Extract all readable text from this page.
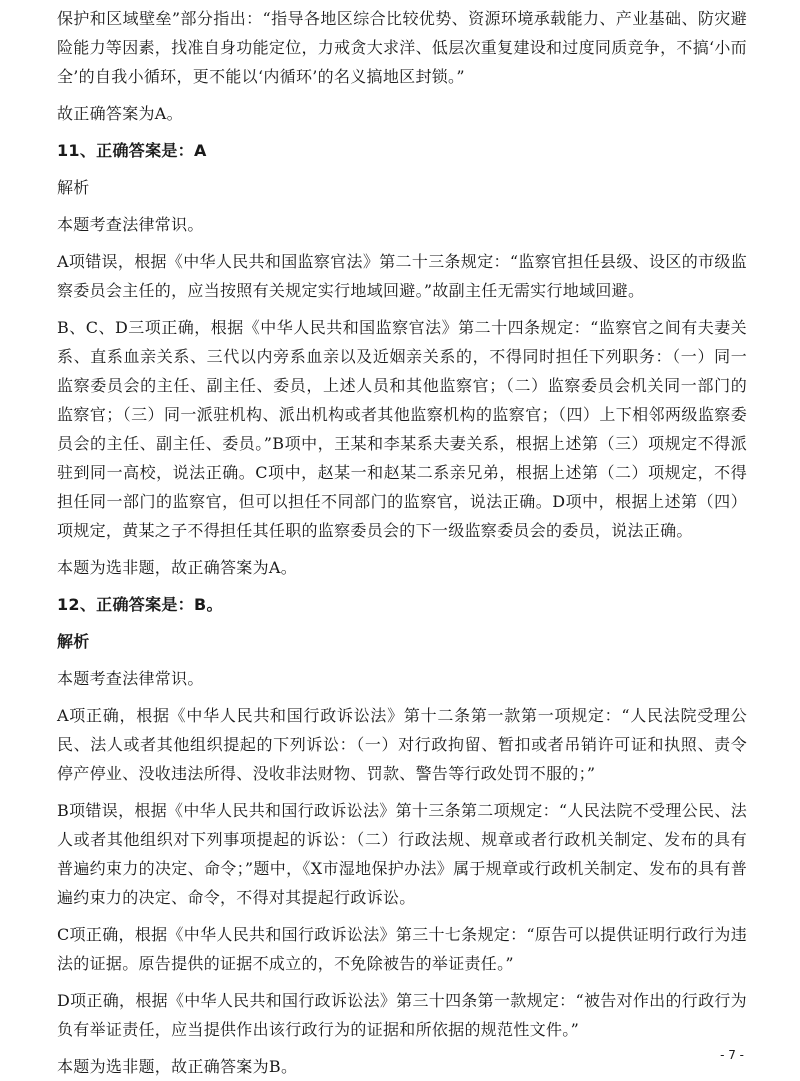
保护和区域壁垒”部分指出：“指导各地区综合比较优势、资源环境承载能力、产业基础、防灾避险能力等因素，找准自身功能定位，力戒贪大求洋、低层次重复建设和过度同质竞争，不搞‘小而全’的自我小循环，更不能以‘内循环’的名义搞地区封锁。”

故正确答案为A。

11、正确答案是：A

解析

本题考查法律常识。

A项错误，根据《中华人民共和国监察官法》第二十三条规定：“监察官担任县级、设区的市级监察委员会主任的，应当按照有关规定实行地域回避。”故副主任无需实行地域回避。

B、C、D三项正确，根据《中华人民共和国监察官法》第二十四条规定：“监察官之间有夫妻关系、直系血亲关系、三代以内旁系血亲以及近姻亲关系的，不得同时担任下列职务：（一）同一监察委员会的主任、副主任、委员，上述人员和其他监察官；（二）监察委员会机关同一部门的监察官；（三）同一派驻机构、派出机构或者其他监察机构的监察官；（四）上下相邻两级监察委员会的主任、副主任、委员。”B项中，王某和李某系夫妻关系，根据上述第（三）项规定不得派驻到同一高校，说法正确。C项中，赵某一和赵某二系亲兄弟，根据上述第（二）项规定，不得担任同一部门的监察官，但可以担任不同部门的监察官，说法正确。D项中，根据上述第（四）项规定，黄某之子不得担任其任职的监察委员会的下一级监察委员会的委员，说法正确。

本题为选非题，故正确答案为A。

12、正确答案是：B。

解析

本题考查法律常识。

A项正确，根据《中华人民共和国行政诉讼法》第十二条第一款第一项规定：“人民法院受理公民、法人或者其他组织提起的下列诉讼：（一）对行政拘留、暂扣或者吊销许可证和执照、责令停产停业、没收违法所得、没收非法财物、罚款、警告等行政处罚不服的；”

B项错误，根据《中华人民共和国行政诉讼法》第十三条第二项规定：“人民法院不受理公民、法人或者其他组织对下列事项提起的诉讼：（二）行政法规、规章或者行政机关制定、发布的具有普遍约束力的决定、命令；”题中，《X市湿地保护办法》属于规章或行政机关制定、发布的具有普遍约束力的决定、命令，不得对其提起行政诉讼。

C项正确，根据《中华人民共和国行政诉讼法》第三十七条规定：“原告可以提供证明行政行为违法的证据。原告提供的证据不成立的，不免除被告的举证责任。”

D项正确，根据《中华人民共和国行政诉讼法》第三十四条第一款规定：“被告对作出的行政行为负有举证责任，应当提供作出该行政行为的证据和所依据的规范性文件。”

本题为选非题，故正确答案为B。

- 7 -
